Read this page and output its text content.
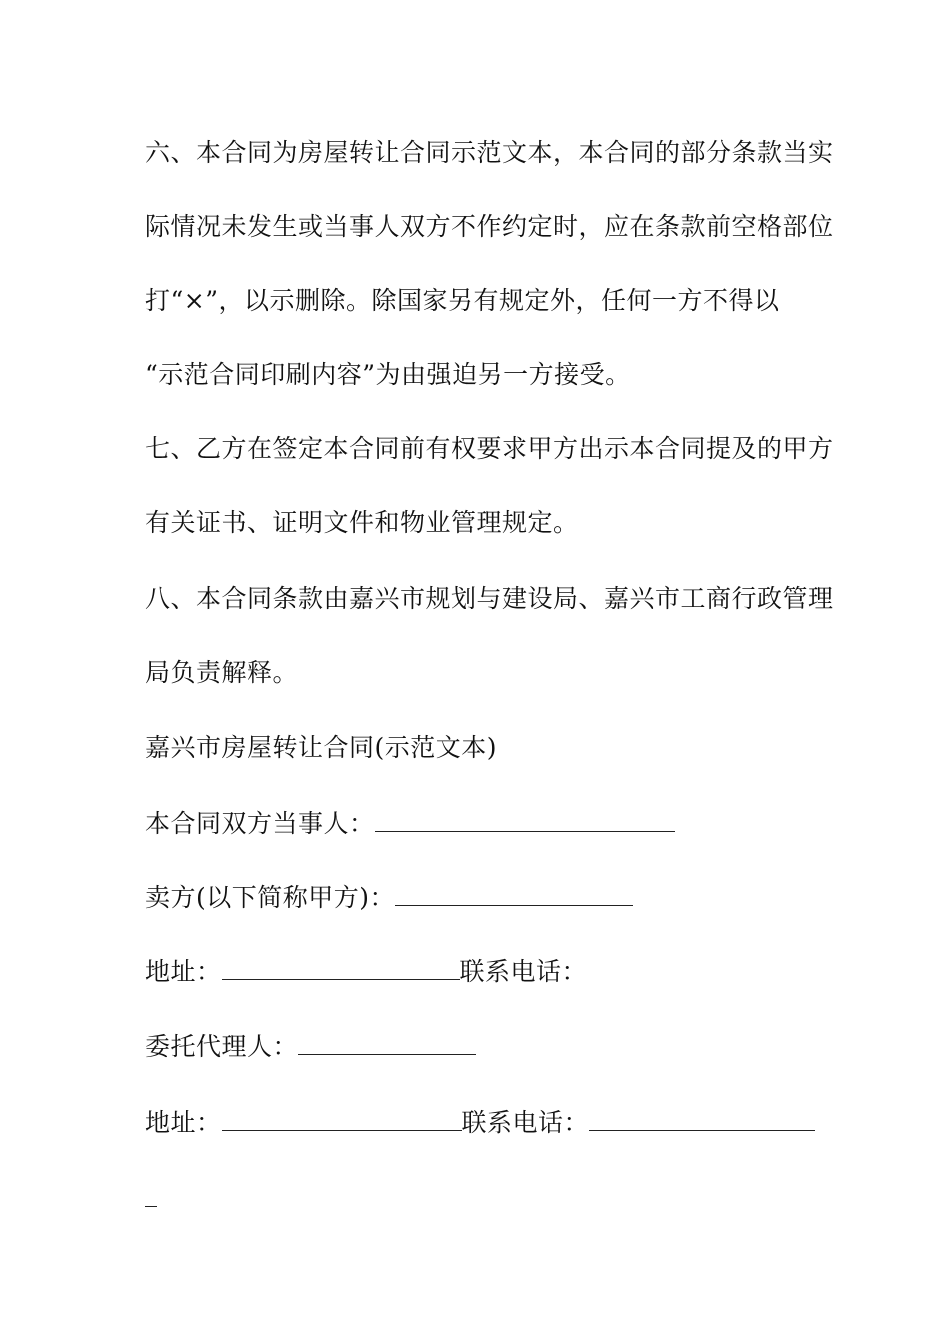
六、本合同为房屋转让合同示范文本，本合同的部分条款当实
际情况未发生或当事人双方不作约定时，应在条款前空格部位
打“×”，以示删除。除国家另有规定外，任何一方不得以
“示范合同印刷内容”为由强迫另一方接受。
七、乙方在签定本合同前有权要求甲方出示本合同提及的甲方
有关证书、证明文件和物业管理规定。
八、本合同条款由嘉兴市规划与建设局、嘉兴市工商行政管理
局负责解释。
嘉兴市房屋转让合同(示范文本)
本合同双方当事人：
卖方(以下简称甲方)：
地址：	联系电话：
委托代理人：
地址：	联系电话：
